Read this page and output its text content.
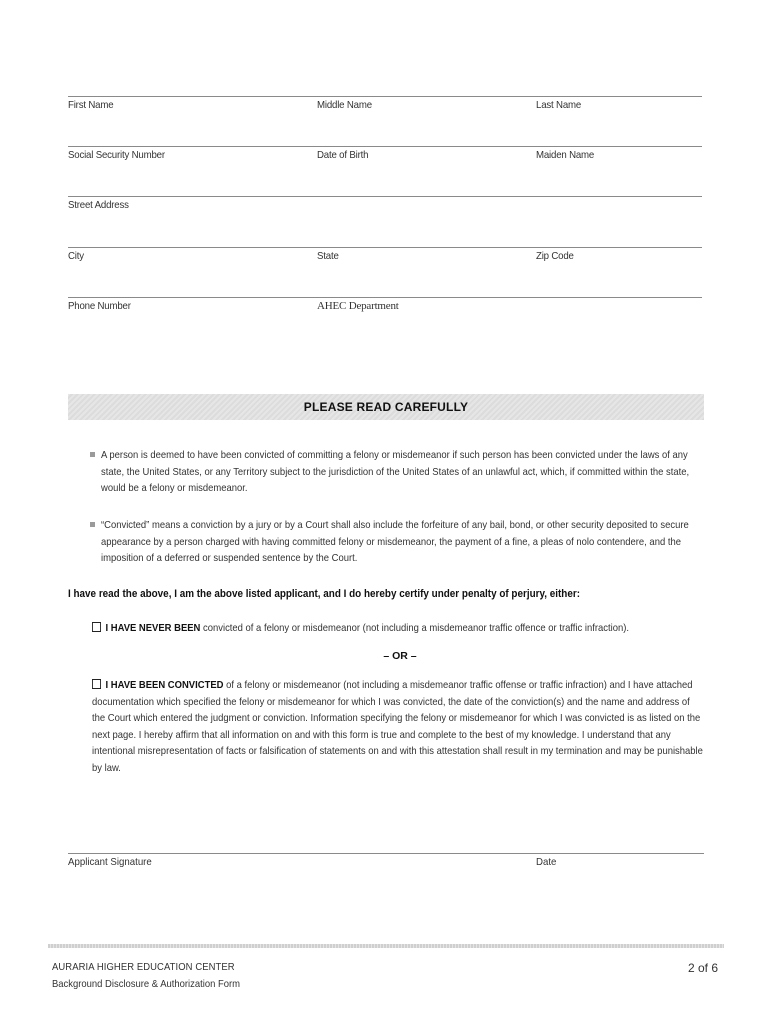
First Name	Middle Name	Last Name
Social Security Number	Date of Birth	Maiden Name
Street Address
City	State	Zip Code
Phone Number	AHEC Department
PLEASE READ CAREFULLY
A person is deemed to have been convicted of committing a felony or misdemeanor if such person has been convicted under the laws of any state, the United States, or any Territory subject to the jurisdiction of the United States of an unlawful act, which, if committed within the state, would be a felony or misdemeanor.
“Convicted” means a conviction by a jury or by a Court shall also include the forfeiture of any bail, bond, or other security deposited to secure appearance by a person charged with having committed felony or misdemeanor, the payment of a fine, a pleas of nolo contendere, and the imposition of a deferred or suspended sentence by the Court.
I have read the above, I am the above listed applicant, and I do hereby certify under penalty of perjury, either:
I HAVE NEVER BEEN convicted of a felony or misdemeanor (not including a misdemeanor traffic offence or traffic infraction).
– OR –
I HAVE BEEN CONVICTED of a felony or misdemeanor (not including a misdemeanor traffic offense or traffic infraction) and I have attached documentation which specified the felony or misdemeanor for which I was convicted, the date of the conviction(s) and the name and address of the Court which entered the judgment or conviction. Information specifying the felony or misdemeanor for which I was convicted is as listed on the next page. I hereby affirm that all information on and with this form is true and complete to the best of my knowledge. I understand that any intentional misrepresentation of facts or falsification of statements on and with this attestation shall result in my termination and may be punishable by law.
Applicant Signature	Date
AURARIA HIGHER EDUCATION CENTER
Background Disclosure & Authorization Form
2 of 6
